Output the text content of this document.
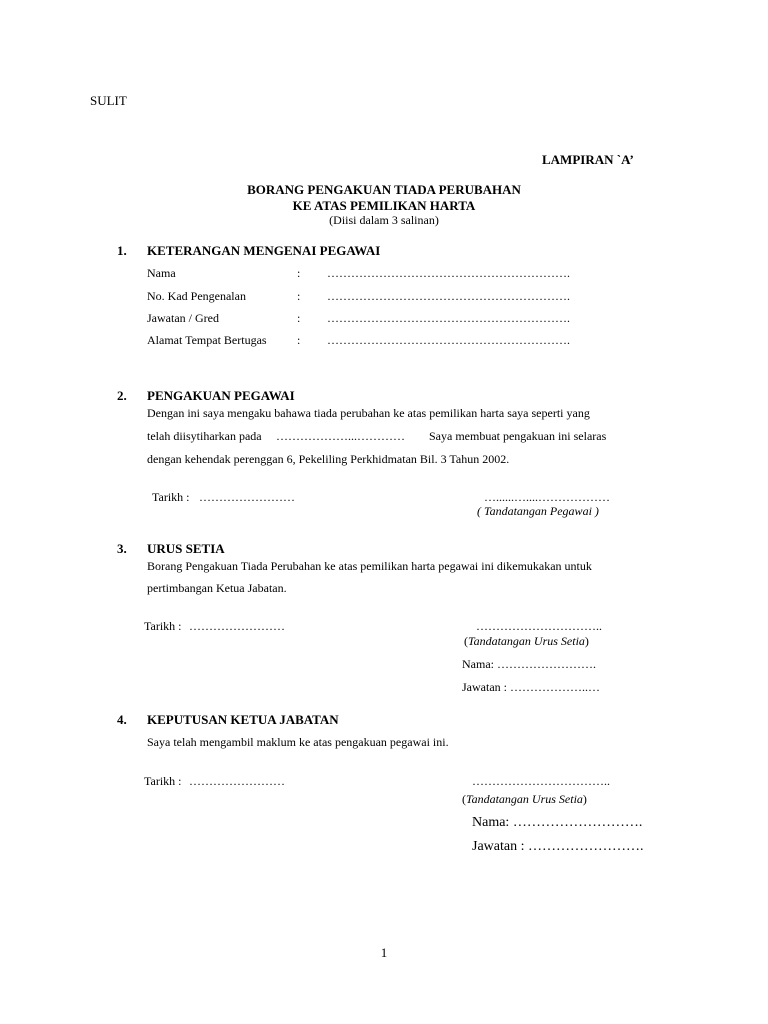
SULIT
LAMPIRAN `A’
BORANG PENGAKUAN TIADA PERUBAHAN
KE ATAS PEMILIKAN HARTA
(Diisi dalam 3 salinan)
1. KETERANGAN MENGENAI PEGAWAI
Nama	: …………………………………………………….
No. Kad Pengenalan	: …………………………………………………….
Jawatan / Gred	: …………………………………………………….
Alamat Tempat Bertugas	: …………………………………………………….
2. PENGAKUAN PEGAWAI
Dengan ini saya mengaku bahawa tiada perubahan ke atas pemilikan harta saya seperti yang
telah diisytiharkan pada ………………...………… Saya membuat pengakuan ini selaras
dengan kehendak perenggan 6, Pekeliling Perkhidmatan Bil. 3 Tahun 2002.
Tarikh : ……………………	…......…....………………
( Tandatangan Pegawai )
3. URUS SETIA
Borang Pengakuan Tiada Perubahan ke atas pemilikan harta pegawai ini dikemukakan untuk
pertimbangan Ketua Jabatan.
Tarikh : ……………………	…………………………..
(Tandatangan Urus Setia)
Nama: …………………….
Jawatan : ………………..…
4. KEPUTUSAN KETUA JABATAN
Saya telah mengambil maklum ke atas pengakuan pegawai ini.
Tarikh : ……………………	……………………………..
(Tandatangan Urus Setia)
Nama: ……………………….
Jawatan : …………………….
1
